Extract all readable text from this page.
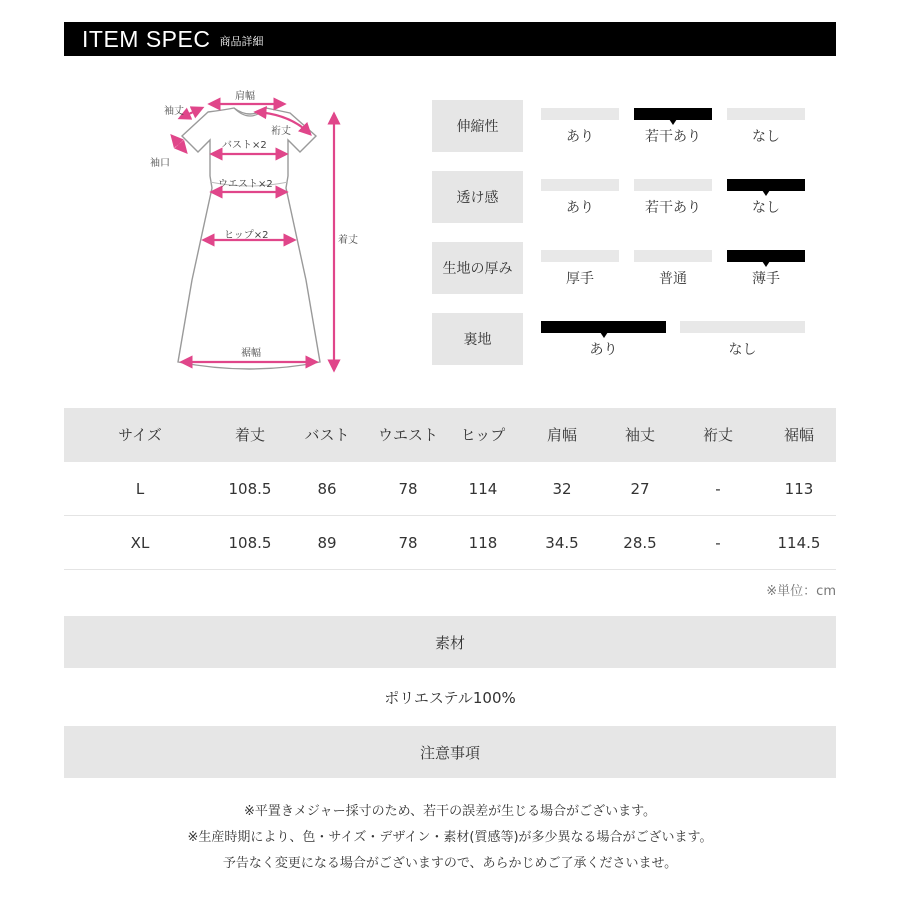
ITEM SPEC 商品詳細
肩幅
袖丈
裄丈
袖口
バスト×2
ウエスト×2
ヒップ×2	着丈
裾幅
伸縮性
あり	若干あり	なし
透け感
あり	若干あり	なし
生地の厚み
厚手	普通	薄手
裏地
あり	なし
サイズ	着丈	バスト	ウエスト	ヒップ	肩幅	袖丈	裄丈	裾幅
L	108.5	86	78	114	32	27	-	113
XL	108.5	89	78	118	34.5	28.5	-	114.5
※単位：cm
素材
ポリエステル100%
注意事項
※平置きメジャー採寸のため、若干の誤差が生じる場合がございます。
※生産時期により、色・サイズ・デザイン・素材(質感等)が多少異なる場合がございます。
予告なく変更になる場合がございますので、あらかじめご了承くださいませ。
